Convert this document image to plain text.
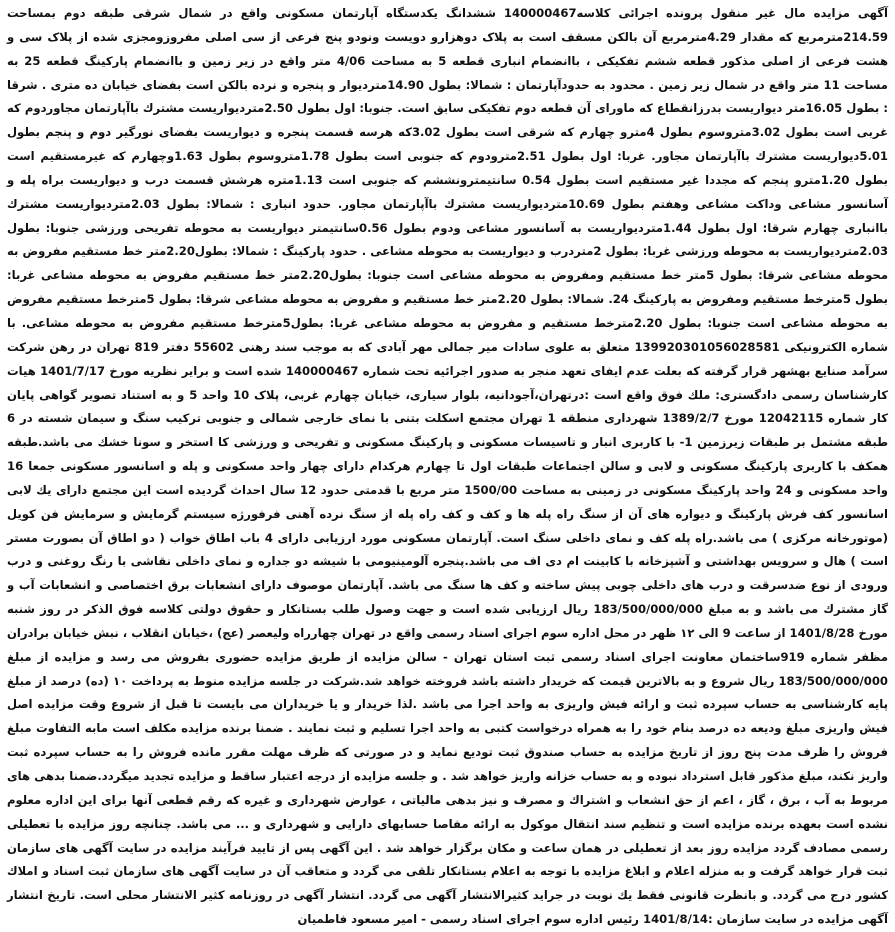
آگهی مزایده مال غیر منقول پرونده اجرائی کلاسه140000467 ششدانگ یکدستگاه آپارتمان مسکونی واقع در شمال شرقی طبقه دوم بمساحت 214.59مترمربع که مقدار 4.29مترمربع آن بالکن مسقف است به پلاک دوهزارو دویست ونودو پنج فرعی از سی اصلی مفروزومجزی شده از پلاک سی و هشت فرعی از اصلی مذکور قطعه ششم تفکیکی ، باانضمام انباری قطعه 5 به مساحت 4/06 متر واقع در زیر زمین و باانضمام پارکینگ قطعه 25 به مساحت 11 متر واقع در شمال زیر زمین . محدود به حدودآپارتمان : شمالا: بطول 14.90مترديوار و پنجره و نرده بالكن است بفضاى خيابان ده مترى . شرقا : بطول 16.05متر ديواريست بدرزانقطاع كه ماوراى آن قطعه دوم تفكيكى سابق است. جنوبا: اول بطول 2.50مترديواريست مشترك باآپارتمان مجاوردوم كه غربى است بطول 3.02متروسوم بطول 4مترو چهارم كه شرقى است بطول 3.02كه هرسه قسمت پنجره و ديواريست بفضاى نورگير دوم و پنجم بطول 5.01ديواريست مشترك باآپارتمان مجاور. غربا: اول بطول 2.51مترودوم كه جنوبى است بطول 1.78متروسوم بطول 1.63وچهارم كه غيرمستقيم است بطول 1.20مترو پنجم كه مجددا غير مستقيم است بطول 0.54 سانتيمترونششم كه جنوبى است 1.13متره هرشش قسمت درب و ديواريست براه پله و آسانسور مشاعى وداكت مشاعى وهفتم بطول 10.69مترديواريست مشترك باآپارتمان مجاور. حدود انبارى : شمالا: بطول 2.03مترديواريست مشترك باانبارى چهارم شرقا: اول بطول 1.44مترديواريست به آسانسور مشاعى ودوم بطول 0.56سانتيمتر ديواريست به محوطه تفريحى ورزشى جنوبا: بطول 2.03مترديواريست به محوطه ورزشى غربا: بطول 2متردرب و ديواريست به محوطه مشاعى . حدود پاركينگ : شمالا: بطول2.20متر خط مستقيم مفروض به محوطه مشاعى شرقا: بطول 5متر خط مستقيم ومفروض به محوطه مشاعى است جنوبا: بطول2.20متر خط مستقيم مفروض به محوطه مشاعى غربا: بطول 5مترخط مستقيم ومفروض به پاركينگ 24. شمالا: بطول 2.20متر خط مستقيم و مفروض به محوطه مشاعى شرقا: بطول 5مترخط مستقيم مفروض به محوطه مشاعى است جنوبا: بطول 2.20مترخط مستقيم و مفروض به محوطه مشاعى غربا: بطول5مترخط مستقيم مفروض به محوطه مشاعى. با شماره الكترونيكى 139920301056028581 متعلق به علوى سادات مير جمالى مهر آبادى كه به موجب سند رهنى 55602 دفتر 819 تهران در رهن شركت سرآمد صنايع بهشهر قرار گرفته كه بعلت عدم ايفاى تعهد منجر به صدور اجرائيه تحت شماره 140000467 شده است و براير نظريه مورخ 1401/7/17 هيات كارشناسان رسمى دادگسترى: ملك فوق واقع است :درتهران،آجودانيه، بلوار سيارى، خيابان چهارم غربى، پلاک 10 واحد 5 و به استناد تصوير گواهى پايان كار شماره 12042115 مورخ 1389/2/7 شهردارى منطقه 1 تهران مجتمع اسكلت بتنى با نماى خارجى شمالى و جنوبى تركيب سنگ و سيمان شسته در 6 طبقه مشتمل بر طبقات زيرزمين 1- با كاربرى انبار و تاسيسات مسكونى و پاركينگ مسكونى و تفريحى و ورزشى كا استخر و سونا خشك مى باشد.طبقه همكف با كاربرى پاركينگ مسكونى و لابى و سالن اجتماعات طبقات اول تا چهارم هركدام داراى چهار واحد مسكونى و پله و اسانسور مسكونى جمعا 16 واحد مسكونى و 24 واحد پاركينگ مسكونى در زمينى به مساحت 1500/00 متر مربع با قدمتى حدود 12 سال احداث گرديده است اين مجتمع داراى يك لابى اسانسور كف فرش پاركينگ و ديواره هاى آن از سنگ راه پله ها و كف و كف راه پله از سنگ نرده آهنى فرفورژه سيستم گرمايش و سرمايش فن كويل (موتورخانه مركزى ) مى باشد.راه پله كف و نماى داخلى سنگ است. آپارتمان مسكونى مورد ارزيابى داراى 4 باب اطاق خواب ( دو اطاق آن بصورت مستر است ) هال و سرويس بهداشتى و آشپزخانه با كابينت ام دى اف مى باشد.پنجره آلومينيومى با شيشه دو جداره و نماى داخلى نقاشى با رنگ روغنى و درب ورودى از نوع ضدسرقت و درب هاى داخلى چوبى پيش ساخته و كف ها سنگ مى باشد. آپارتمان موصوف داراى انشعابات برق اختصاصى و انشعابات آب و گاز مشترك مى باشد و به مبلغ 183/500/000/000 ريال ارزيابى شده است و جهت وصول طلب بستانكار و حقوق دولتى كلاسه فوق الذكر در روز شنبه مورخ 1401/8/28 از ساعت 9 الى ۱۲ ظهر در محل اداره سوم اجراى اسناد رسمى واقع در تهران چهارراه وليعصر (عج) ،خيابان انقلاب ، نبش خيابان برادران مظفر شماره 919ساختمان معاونت اجراى اسناد رسمى ثبت استان تهران - سالن مزايده از طريق مزايده حضورى بفروش مى رسد و مزايده از مبلغ 183/500/000/000 ريال شروع و به بالاترين قيمت كه خريدار داشته باشد فروخته خواهد شد.شركت در جلسه مزايده منوط به پرداخت ۱۰ (ده) درصد از مبلغ پايه كارشناسى به حساب سپرده ثبت و ارائه فيش واريزى به واحد اجرا مى باشد .لذا خريدار و يا خريداران مى بايست تا قبل از شروع وقت مزايده اصل فيش واريزى مبلغ وديعه ده درصد بنام خود را به همراه درخواست كتبى به واحد اجرا تسليم و ثبت نمايند . ضمنا برنده مزايده مكلف است مابه التفاوت مبلغ فروش را ظرف مدت پنج روز از تاريخ مزايده به حساب صندوق ثبت توديع نمايد و در صورتى كه ظرف مهلت مقرر مانده فروش را به حساب سپرده ثبت واريز نكند، مبلغ مذكور قابل استرداد نبوده و به حساب خزانه واريز خواهد شد . و جلسه مزايده از درجه اعتبار ساقط و مزايده تجديد ميگردد.ضمنا بدهى هاى مربوط به آب ، برق ، گاز ، اعم از حق انشعاب و اشتراك و مصرف و نيز بدهى مالياتى ، عوارض شهردارى و غيره كه رقم قطعى آنها براى اين اداره معلوم نشده است بعهده برنده مزايده است و تنظيم سند انتقال موكول به ارائه مفاصا حسابهاى دارايى و شهردارى و ... مى باشد. چنانچه روز مزايده با تعطيلى رسمى مصادف گردد مزايده روز بعد از تعطيلى در همان ساعت و مكان برگزار خواهد شد . اين آگهى پس از تاييد فرآيند مزايده در سايت آگهى هاى سازمان ثبت قرار خواهد گرفت و به منزله اعلام و ابلاغ مزايده با توجه به اعلام بستانكار تلقى مى گردد و متعاقب آن در سايت آگهى هاى سازمان ثبت اسناد و املاك كشور درج مى گردد. و بانظرت قانونى فقط يك نوبت در جرايد كثيرالانتشار آگهى مى گردد. انتشار آگهى در روزنامه كثير الانتشار محلى است. تاريخ انتشار آگهى مزايده در سايت سازمان :1401/8/14 رئيس اداره سوم اجراى اسناد رسمى - امير مسعود فاطميان
